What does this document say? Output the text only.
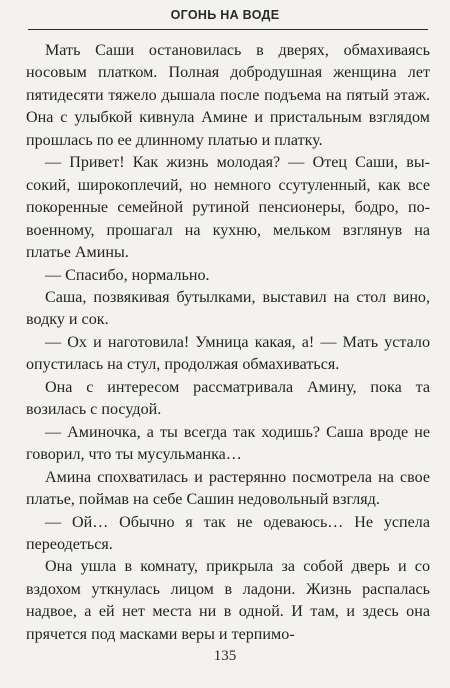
ОГОНЬ НА ВОДЕ

Мать Саши остановилась в дверях, обмахиваясь носовым платком. Полная добродушная женщина лет пятидесяти тяжело дышала после подъема на пятый этаж. Она с улыбкой кивнула Амине и пристальным взглядом прошлась по ее длинному платью и платку.

— Привет! Как жизнь молодая? — Отец Саши, высокий, широкоплечий, но немного ссутуленный, как все покоренные семейной рутиной пенсионеры, бодро, по-военному, прошагал на кухню, мельком взглянув на платье Амины.

— Спасибо, нормально.

Саша, позвякивая бутылками, выставил на стол вино, водку и сок.

— Ох и наготовила! Умница какая, а! — Мать устало опустилась на стул, продолжая обмахиваться.

Она с интересом рассматривала Амину, пока та возилась с посудой.

— Аминочка, а ты всегда так ходишь? Саша вроде не говорил, что ты мусульманка…

Амина спохватилась и растерянно посмотрела на свое платье, поймав на себе Сашин недовольный взгляд.

— Ой… Обычно я так не одеваюсь… Не успела переодеться.

Она ушла в комнату, прикрыла за собой дверь и со вздохом уткнулась лицом в ладони. Жизнь распалась надвое, а ей нет места ни в одной. И там, и здесь она прячется под масками веры и терпимо-

135
